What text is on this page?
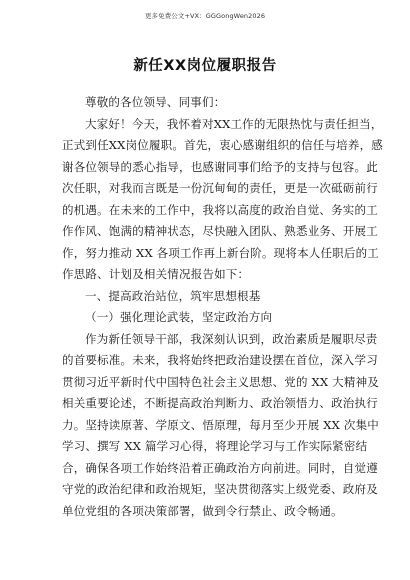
更多免费公文+VX：GGGongWen2026
新任XX岗位履职报告
尊敬的各位领导、同事们：
大家好！今天，我怀着对XX工作的无限热忱与责任担当，
正式到任XX岗位履职。首先，衷心感谢组织的信任与培养，感
谢各位领导的悉心指导，也感谢同事们给予的支持与包容。此
次任职，对我而言既是一份沉甸甸的责任，更是一次砥砺前行
的机遇。在未来的工作中，我将以高度的政治自觉、务实的工
作作风、饱满的精神状态，尽快融入团队、熟悉业务、开展工
作，努力推动 XX 各项工作再上新台阶。现将本人任职后的工
作思路、计划及相关情况报告如下：
一、提高政治站位，筑牢思想根基
（一）强化理论武装，坚定政治方向
作为新任领导干部，我深刻认识到，政治素质是履职尽责
的首要标准。未来，我将始终把政治建设摆在首位，深入学习
贯彻习近平新时代中国特色社会主义思想、党的 XX 大精神及
相关重要论述，不断提高政治判断力、政治领悟力、政治执行
力。坚持读原著、学原文、悟原理，每月至少开展 XX 次集中
学习、撰写 XX 篇学习心得，将理论学习与工作实际紧密结
合，确保各项工作始终沿着正确政治方向前进。同时，自觉遵
守党的政治纪律和政治规矩，坚决贯彻落实上级党委、政府及
单位党组的各项决策部署，做到令行禁止、政令畅通。
